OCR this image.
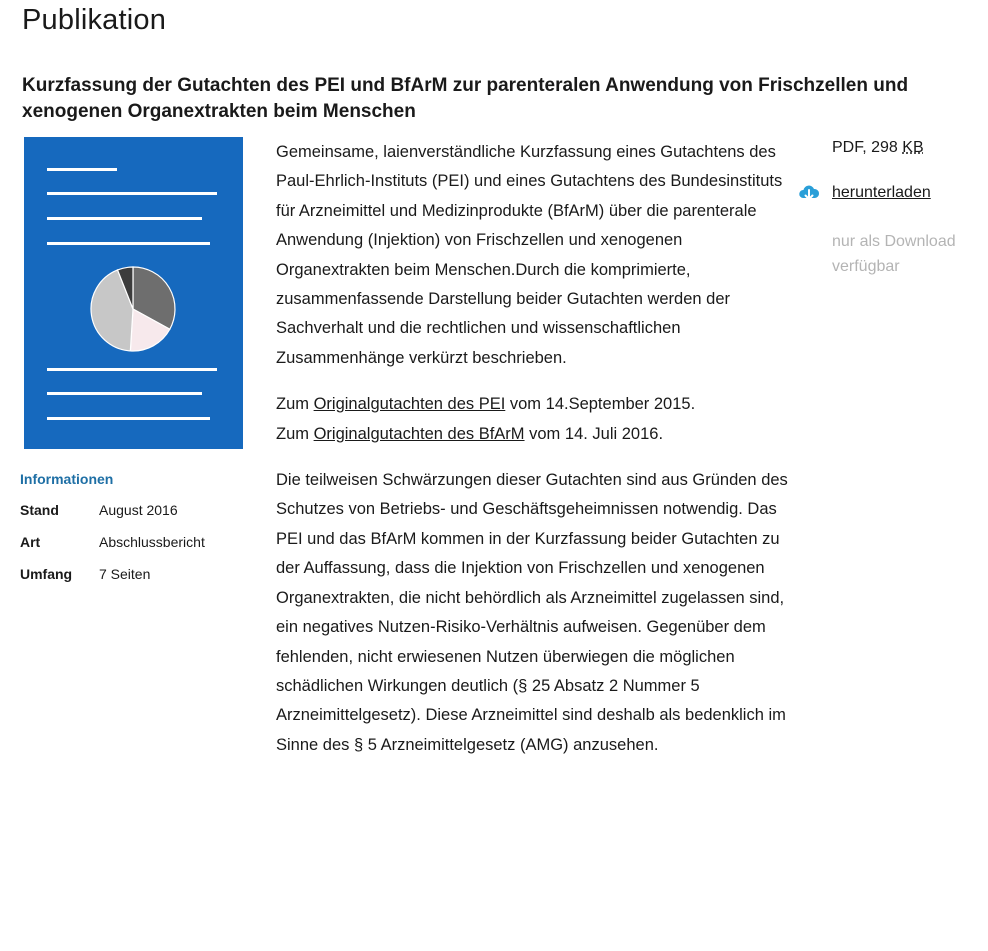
Publikation
Kurzfassung der Gutachten des PEI und BfArM zur parenteralen Anwendung von Frischzellen und xenogenen Organextrakten beim Menschen
Informationen
Stand	August 2016
Art	Abschlussbericht
Umfang 7 Seiten

Gemeinsame, laienverständliche Kurzfassung eines Gutachtens des Paul-Ehrlich-Instituts (PEI) und eines Gutachtens des Bundesinstituts für Arzneimittel und Medizinprodukte (BfArM) über die parenterale Anwendung (Injektion) von Frischzellen und xenogenen Organextrakten beim Menschen.Durch die komprimierte, zusammenfassende Darstellung beider Gutachten werden der Sachverhalt und die rechtlichen und wissenschaftlichen Zusammenhänge verkürzt beschrieben.

Zum Originalgutachten des PEI vom 14.September 2015.
Zum Originalgutachten des BfArM vom 14. Juli 2016.

Die teilweisen Schwärzungen dieser Gutachten sind aus Gründen des Schutzes von Betriebs- und Geschäftsgeheimnissen notwendig. Das PEI und das BfArM kommen in der Kurzfassung beider Gutachten zu der Auffassung, dass die Injektion von Frischzellen und xenogenen Organextrakten, die nicht behördlich als Arzneimittel zugelassen sind, ein negatives Nutzen-Risiko-Verhältnis aufweisen. Gegenüber dem fehlenden, nicht erwiesenen Nutzen überwiegen die möglichen schädlichen Wirkungen deutlich (§ 25 Absatz 2 Nummer 5 Arzneimittelgesetz). Diese Arzneimittel sind deshalb als bedenklich im Sinne des § 5 Arzneimittelgesetz (AMG) anzusehen.

PDF, 298 KB
herunterladen
nur als Download verfügbar
